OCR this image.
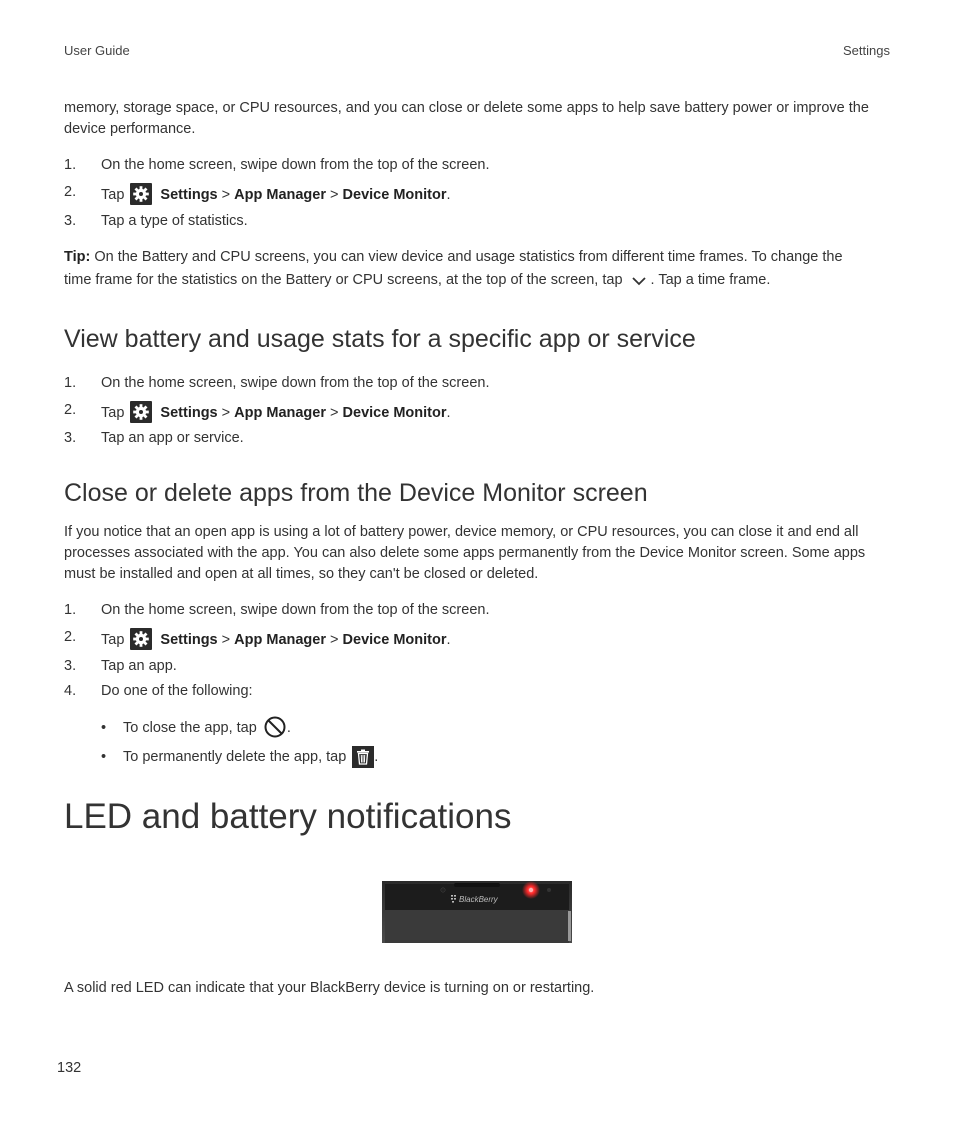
User Guide	Settings
memory, storage space, or CPU resources, and you can close or delete some apps to help save battery power or improve the device performance.
1. On the home screen, swipe down from the top of the screen.
2. Tap Settings > App Manager > Device Monitor.
3. Tap a type of statistics.
Tip: On the Battery and CPU screens, you can view device and usage statistics from different time frames. To change the
time frame for the statistics on the Battery or CPU screens, at the top of the screen, tap . Tap a time frame.
View battery and usage stats for a specific app or service
1. On the home screen, swipe down from the top of the screen.
2. Tap Settings > App Manager > Device Monitor.
3. Tap an app or service.
Close or delete apps from the Device Monitor screen
If you notice that an open app is using a lot of battery power, device memory, or CPU resources, you can close it and end all processes associated with the app. You can also delete some apps permanently from the Device Monitor screen. Some apps must be installed and open at all times, so they can't be closed or deleted.
1. On the home screen, swipe down from the top of the screen.
2. Tap Settings > App Manager > Device Monitor.
3. Tap an app.
4. Do one of the following:
• To close the app, tap .
• To permanently delete the app, tap .
LED and battery notifications
BlackBerry
A solid red LED can indicate that your BlackBerry device is turning on or restarting.
132
